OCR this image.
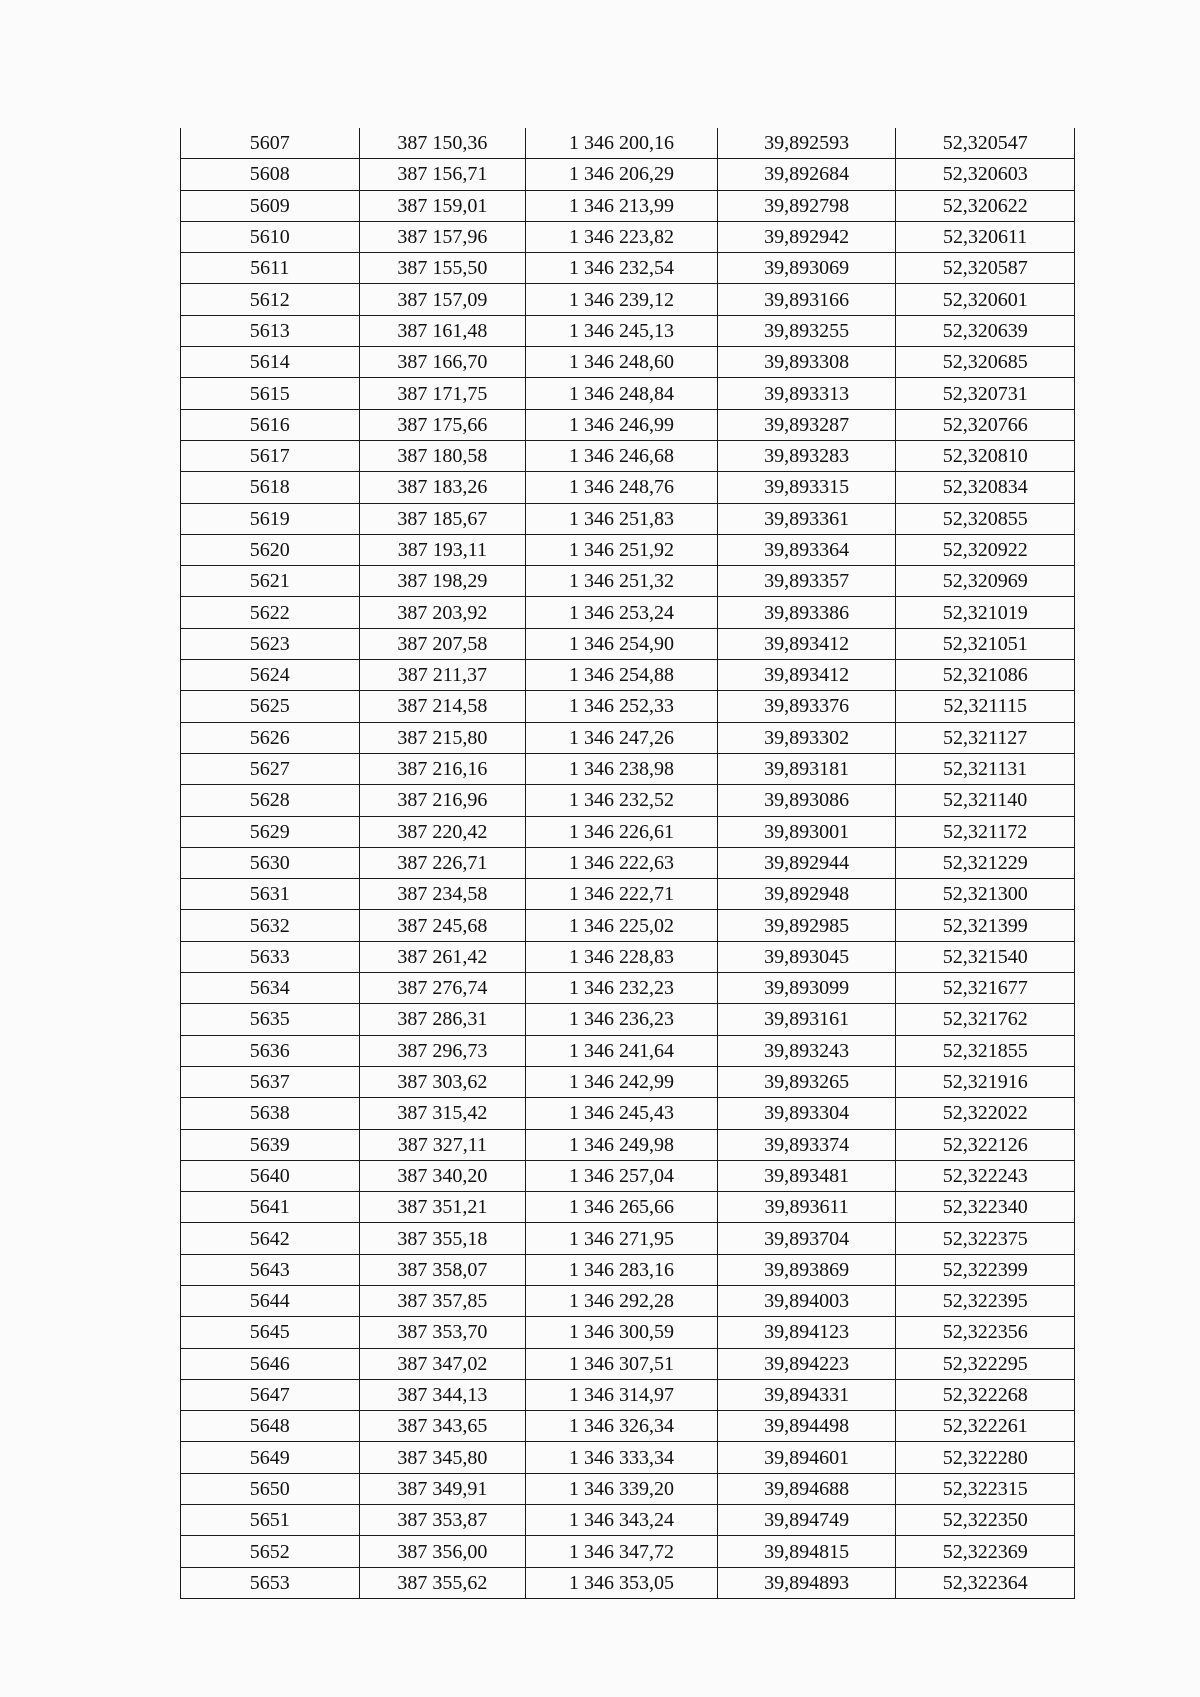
5607	387 150,36	1 346 200,16	39,892593	52,320547
5608	387 156,71	1 346 206,29	39,892684	52,320603
5609	387 159,01	1 346 213,99	39,892798	52,320622
5610	387 157,96	1 346 223,82	39,892942	52,320611
5611	387 155,50	1 346 232,54	39,893069	52,320587
5612	387 157,09	1 346 239,12	39,893166	52,320601
5613	387 161,48	1 346 245,13	39,893255	52,320639
5614	387 166,70	1 346 248,60	39,893308	52,320685
5615	387 171,75	1 346 248,84	39,893313	52,320731
5616	387 175,66	1 346 246,99	39,893287	52,320766
5617	387 180,58	1 346 246,68	39,893283	52,320810
5618	387 183,26	1 346 248,76	39,893315	52,320834
5619	387 185,67	1 346 251,83	39,893361	52,320855
5620	387 193,11	1 346 251,92	39,893364	52,320922
5621	387 198,29	1 346 251,32	39,893357	52,320969
5622	387 203,92	1 346 253,24	39,893386	52,321019
5623	387 207,58	1 346 254,90	39,893412	52,321051
5624	387 211,37	1 346 254,88	39,893412	52,321086
5625	387 214,58	1 346 252,33	39,893376	52,321115
5626	387 215,80	1 346 247,26	39,893302	52,321127
5627	387 216,16	1 346 238,98	39,893181	52,321131
5628	387 216,96	1 346 232,52	39,893086	52,321140
5629	387 220,42	1 346 226,61	39,893001	52,321172
5630	387 226,71	1 346 222,63	39,892944	52,321229
5631	387 234,58	1 346 222,71	39,892948	52,321300
5632	387 245,68	1 346 225,02	39,892985	52,321399
5633	387 261,42	1 346 228,83	39,893045	52,321540
5634	387 276,74	1 346 232,23	39,893099	52,321677
5635	387 286,31	1 346 236,23	39,893161	52,321762
5636	387 296,73	1 346 241,64	39,893243	52,321855
5637	387 303,62	1 346 242,99	39,893265	52,321916
5638	387 315,42	1 346 245,43	39,893304	52,322022
5639	387 327,11	1 346 249,98	39,893374	52,322126
5640	387 340,20	1 346 257,04	39,893481	52,322243
5641	387 351,21	1 346 265,66	39,893611	52,322340
5642	387 355,18	1 346 271,95	39,893704	52,322375
5643	387 358,07	1 346 283,16	39,893869	52,322399
5644	387 357,85	1 346 292,28	39,894003	52,322395
5645	387 353,70	1 346 300,59	39,894123	52,322356
5646	387 347,02	1 346 307,51	39,894223	52,322295
5647	387 344,13	1 346 314,97	39,894331	52,322268
5648	387 343,65	1 346 326,34	39,894498	52,322261
5649	387 345,80	1 346 333,34	39,894601	52,322280
5650	387 349,91	1 346 339,20	39,894688	52,322315
5651	387 353,87	1 346 343,24	39,894749	52,322350
5652	387 356,00	1 346 347,72	39,894815	52,322369
5653	387 355,62	1 346 353,05	39,894893	52,322364
